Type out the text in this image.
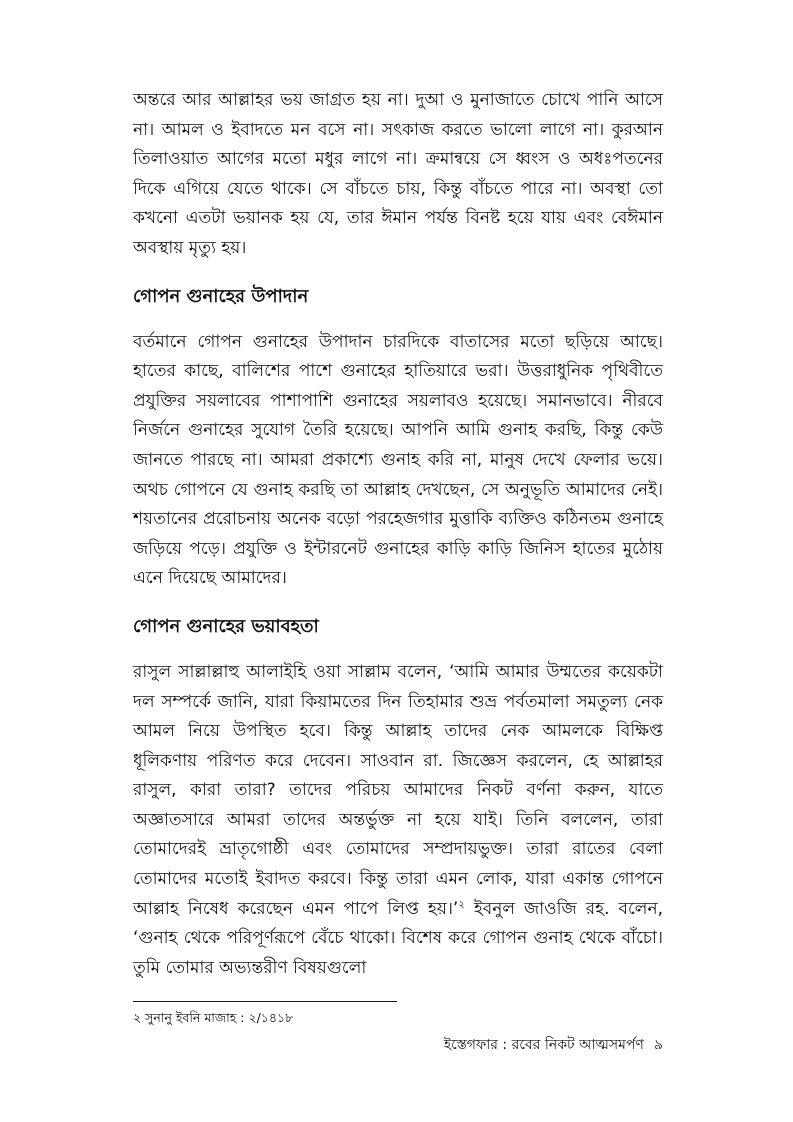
অন্তরে আর আল্লাহর ভয় জাগ্রত হয় না। দুআ ও মুনাজাতে চোখে পানি আসে না। আমল ও ইবাদতে মন বসে না। সৎকাজ করতে ভালো লাগে না। কুরআন তিলাওয়াত আগের মতো মধুর লাগে না। ক্রমান্বয়ে সে ধ্বংস ও অধঃপতনের দিকে এগিয়ে যেতে থাকে। সে বাঁচতে চায়, কিন্তু বাঁচতে পারে না। অবস্থা তো কখনো এতটা ভয়ানক হয় যে, তার ঈমান পর্যন্ত বিনষ্ট হয়ে যায় এবং বেঈমান অবস্থায় মৃত্যু হয়।

গোপন গুনাহের উপাদান

বর্তমানে গোপন গুনাহের উপাদান চারদিকে বাতাসের মতো ছড়িয়ে আছে। হাতের কাছে, বালিশের পাশে গুনাহের হাতিয়ারে ভরা। উত্তরাধুনিক পৃথিবীতে প্রযুক্তির সয়লাবের পাশাপাশি গুনাহের সয়লাবও হয়েছে। সমানভাবে। নীরবে নির্জনে গুনাহের সুযোগ তৈরি হয়েছে। আপনি আমি গুনাহ করছি, কিন্তু কেউ জানতে পারছে না। আমরা প্রকাশ্যে গুনাহ করি না, মানুষ দেখে ফেলার ভয়ে। অথচ গোপনে যে গুনাহ করছি তা আল্লাহ দেখছেন, সে অনুভূতি আমাদের নেই। শয়তানের প্ররোচনায় অনেক বড়ো পরহেজগার মুত্তাকি ব্যক্তিও কঠিনতম গুনাহে জড়িয়ে পড়ে। প্রযুক্তি ও ইন্টারনেট গুনাহের কাড়ি কাড়ি জিনিস হাতের মুঠোয় এনে দিয়েছে আমাদের।

গোপন গুনাহের ভয়াবহতা

রাসুল সাল্লাল্লাহু আলাইহি ওয়া সাল্লাম বলেন, ‘আমি আমার উম্মতের কয়েকটা দল সম্পর্কে জানি, যারা কিয়ামতের দিন তিহামার শুভ্র পর্বতমালা সমতুল্য নেক আমল নিয়ে উপস্থিত হবে। কিন্তু আল্লাহ তাদের নেক আমলকে বিক্ষিপ্ত ধূলিকণায় পরিণত করে দেবেন। সাওবান রা. জিজ্ঞেস করলেন, হে আল্লাহর রাসুল, কারা তারা? তাদের পরিচয় আমাদের নিকট বর্ণনা করুন, যাতে অজ্ঞাতসারে আমরা তাদের অন্তর্ভুক্ত না হয়ে যাই। তিনি বললেন, তারা তোমাদেরই ভ্রাতৃগোষ্ঠী এবং তোমাদের সম্প্রদায়ভুক্ত। তারা রাতের বেলা তোমাদের মতোই ইবাদত করবে। কিন্তু তারা এমন লোক, যারা একান্ত গোপনে আল্লাহ নিষেধ করেছেন এমন পাপে লিপ্ত হয়।’$^২$ ইবনুল জাওজি রহ. বলেন, ‘গুনাহ থেকে পরিপূর্ণরূপে বেঁচে থাকো। বিশেষ করে গোপন গুনাহ থেকে বাঁচো। তুমি তোমার অভ্যন্তরীণ বিষয়গুলো

২ সুনানু ইবনি মাজাহ : ২/১৪১৮
ইস্তেগফার : রবের নিকট আত্মসমর্পণ ৯
